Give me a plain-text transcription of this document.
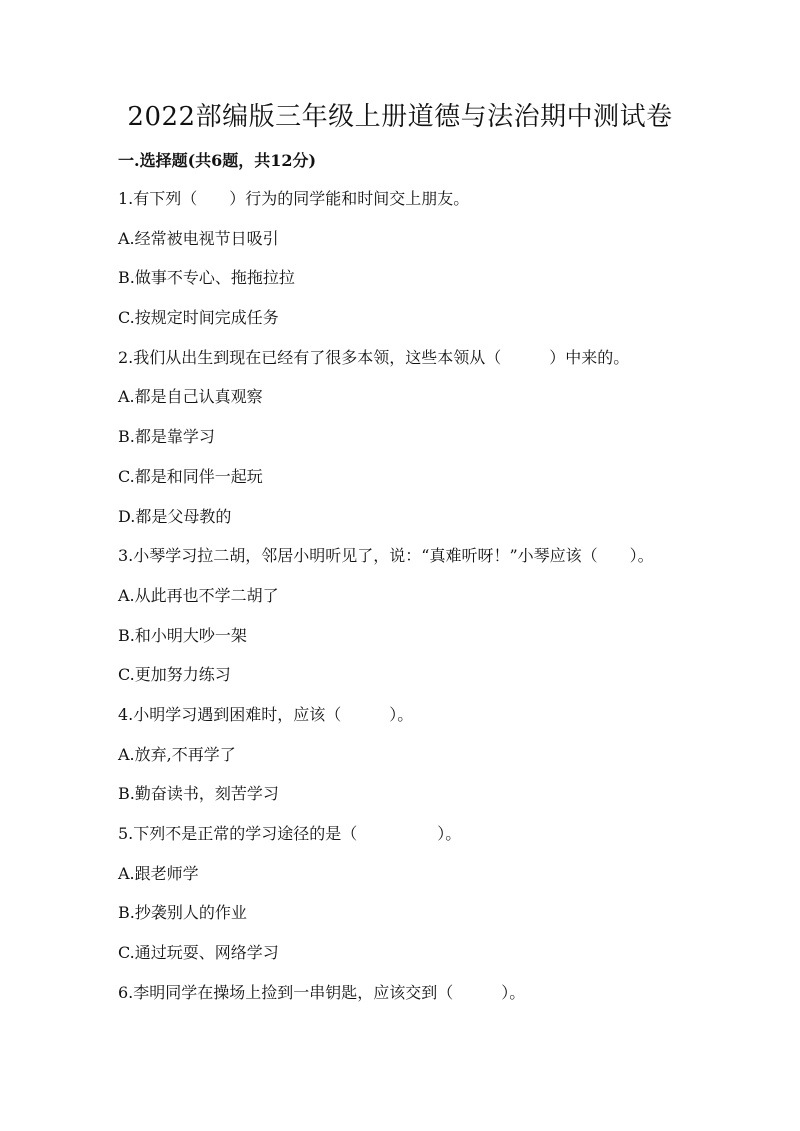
2022部编版三年级上册道德与法治期中测试卷
一.选择题(共6题，共12分)
1.有下列（　　）行为的同学能和时间交上朋友。
A.经常被电视节日吸引
B.做事不专心、拖拖拉拉
C.按规定时间完成任务
2.我们从出生到现在已经有了很多本领，这些本领从（　　　）中来的。
A.都是自己认真观察
B.都是靠学习
C.都是和同伴一起玩
D.都是父母教的
3.小琴学习拉二胡，邻居小明听见了，说：“真难听呀！”小琴应该（　　）。
A.从此再也不学二胡了
B.和小明大吵一架
C.更加努力练习
4.小明学习遇到困难时，应该（　　　）。
A.放弃,不再学了
B.勤奋读书，刻苦学习
5.下列不是正常的学习途径的是（　　　　　）。
A.跟老师学
B.抄袭别人的作业
C.通过玩耍、网络学习
6.李明同学在操场上捡到一串钥匙，应该交到（　　　）。
